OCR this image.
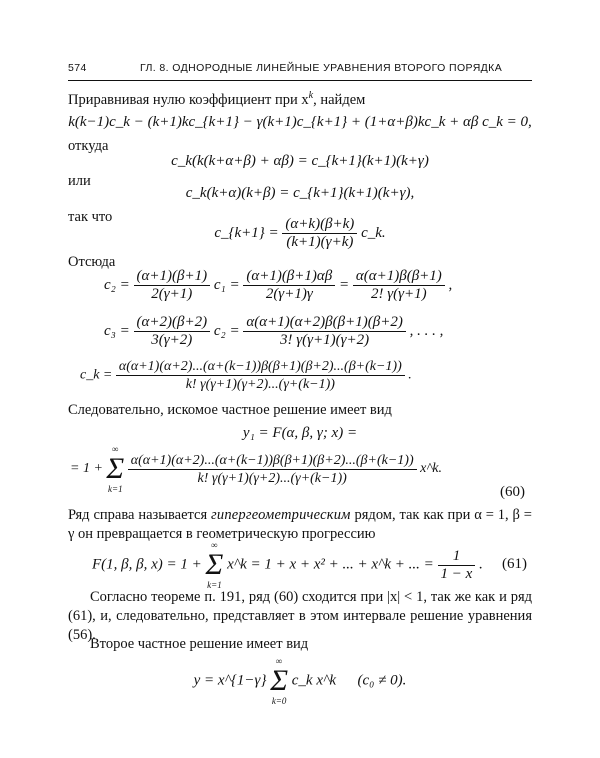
574	ГЛ. 8. ОДНОРОДНЫЕ ЛИНЕЙНЫЕ УРАВНЕНИЯ ВТОРОГО ПОРЯДКА
Приравнивая нулю коэффициент при $x^k$, найдем
k(k−1)c_k − (k+1)kc_{k+1} − γ(k+1)c_{k+1} + (1+α+β)kc_k + αβ c_k = 0,
откуда
c_k(k(k+α+β) + αβ) = c_{k+1}(k+1)(k+γ)
или
c_k(k+α)(k+β) = c_{k+1}(k+1)(k+γ),
так что
c_{k+1} = $\frac{(\alpha+k)(\beta+k)}{(k+1)(\gamma+k)}$ c_k.
Отсюда
$c_2 = \frac{(\alpha+1)(\beta+1)}{2(\gamma+1)} c_1 = \frac{(\alpha+1)(\beta+1)\alpha\beta}{2(\gamma+1)\gamma} = \frac{\alpha(\alpha+1)\beta(\beta+1)}{2! \gamma(\gamma+1)}$ ,
$c_3 = \frac{(\alpha+2)(\beta+2)}{3(\gamma+2)} c_2 = \frac{\alpha(\alpha+1)(\alpha+2)\beta(\beta+1)(\beta+2)}{3! \gamma(\gamma+1)(\gamma+2)}$ , . . . ,
c_k = $\frac{\alpha(\alpha+1)(\alpha+2)...(\alpha+(k-1))\beta(\beta+1)(\beta+2)...(\beta+(k-1))}{k! \gamma(\gamma+1)(\gamma+2)...(\gamma+(k-1))}$ .
Следовательно, искомое частное решение имеет вид
y₁ = F(α, β, γ; x) =
= 1 +
∞
Σ
k=1

$\frac{\alpha(\alpha+1)(\alpha+2)...(\alpha+(k-1))\beta(\beta+1)(\beta+2)...(\beta+(k-1))}{k! \gamma(\gamma+1)(\gamma+2)...(\gamma+(k-1))}$ x^k.
(60)
Ряд справа называется гипергеометрическим рядом, так как при α = 1, β = γ он превращается в геометрическую прогрессию
F(1, β, β, x) = 1 +
∞
Σ
k=1
x^k = 1 + x + x² + ... + x^k + ... = $\frac{1}{1 - x}$ . (61)
Согласно теореме п. 191, ряд (60) сходится при |x| < 1, так же как и ряд (61), и, следовательно, представляет в этом интервале решение уравнения (56).
Второе частное решение имеет вид
y = x^{1−γ}
∞
Σ
k=0
c_k x^k (c₀ ≠ 0).
